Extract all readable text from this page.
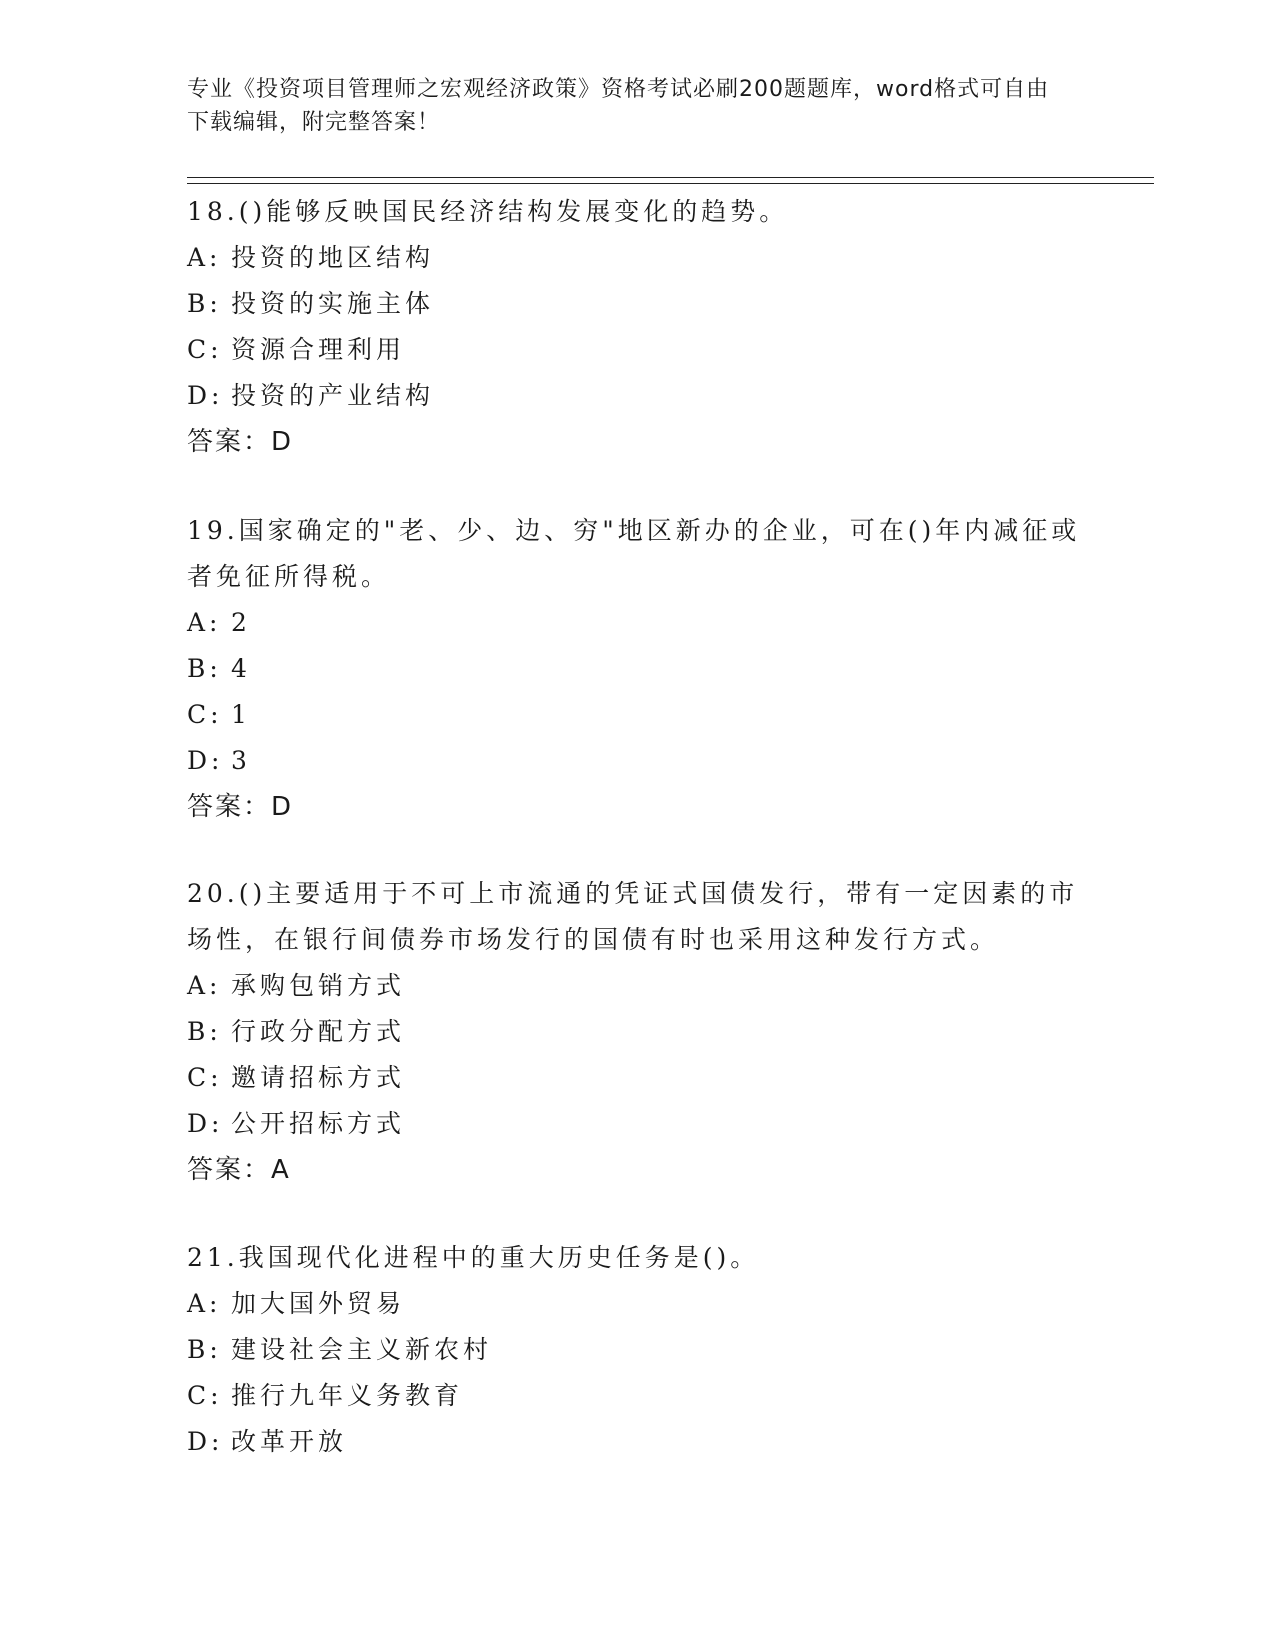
专业《投资项目管理师之宏观经济政策》资格考试必刷200题题库，word格式可自由下载编辑，附完整答案！
18.()能够反映国民经济结构发展变化的趋势。
A: 投资的地区结构
B: 投资的实施主体
C: 资源合理利用
D: 投资的产业结构
答案：D
19.国家确定的"老、少、边、穷"地区新办的企业，可在()年内减征或者免征所得税。
A: 2
B: 4
C: 1
D: 3
答案：D
20.()主要适用于不可上市流通的凭证式国债发行，带有一定因素的市场性，在银行间债券市场发行的国债有时也采用这种发行方式。
A: 承购包销方式
B: 行政分配方式
C: 邀请招标方式
D: 公开招标方式
答案：A
21.我国现代化进程中的重大历史任务是()。
A: 加大国外贸易
B: 建设社会主义新农村
C: 推行九年义务教育
D: 改革开放
